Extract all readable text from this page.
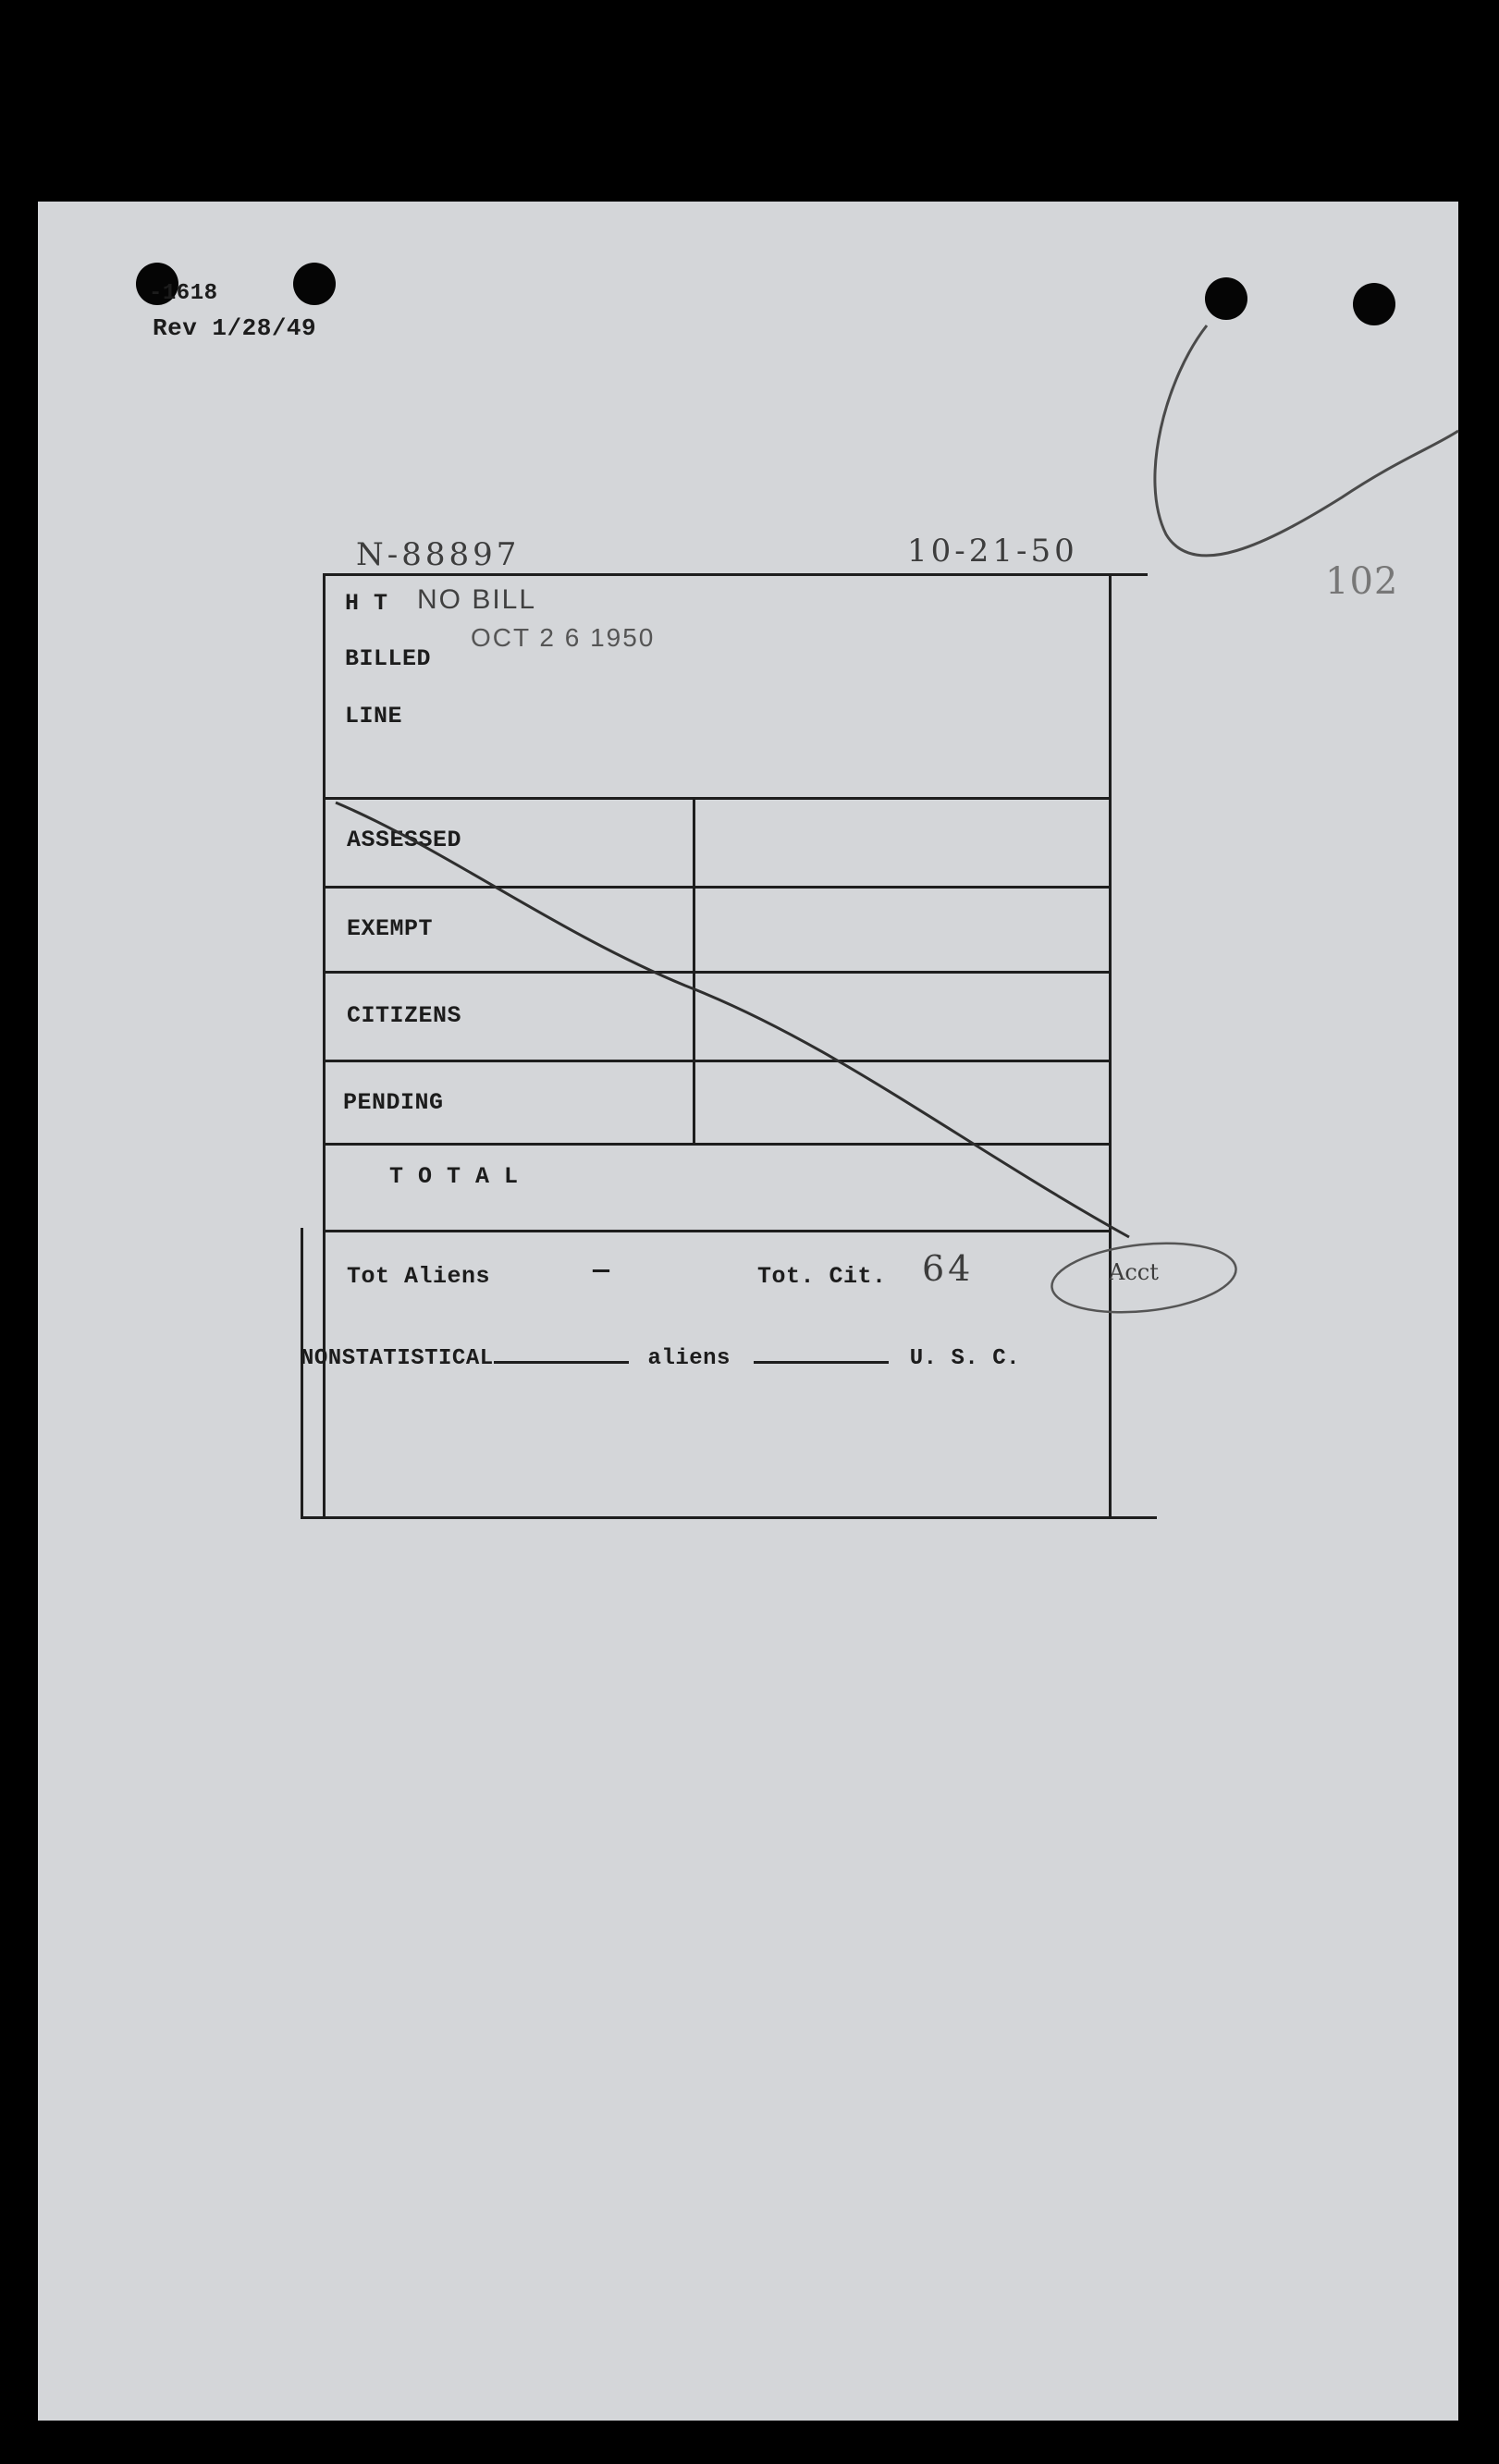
-1618
Rev 1/28/49
N-88897	10-21-50
102
H T NO BILL
BILLED
OCT 2 6 1950
LINE
ASSESSED
EXEMPT
CITIZENS
PENDING
T O T A L
Tot Aliens	—	Tot. Cit. 64	Acct
NONSTATISTICAL	aliens	U. S. C.
